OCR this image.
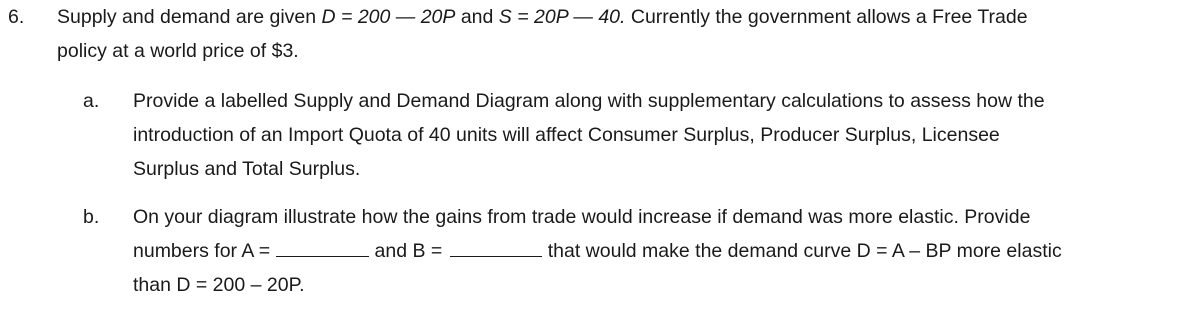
6. Supply and demand are given D = 200 — 20P and S = 20P — 40. Currently the government allows a Free Trade
policy at a world price of $3.
a. Provide a labelled Supply and Demand Diagram along with supplementary calculations to assess how the
introduction of an Import Quota of 40 units will affect Consumer Surplus, Producer Surplus, Licensee
Surplus and Total Surplus.
b. On your diagram illustrate how the gains from trade would increase if demand was more elastic. Provide
numbers for A =	and B =	that would make the demand curve D = A – BP more elastic
than D = 200 – 20P.
